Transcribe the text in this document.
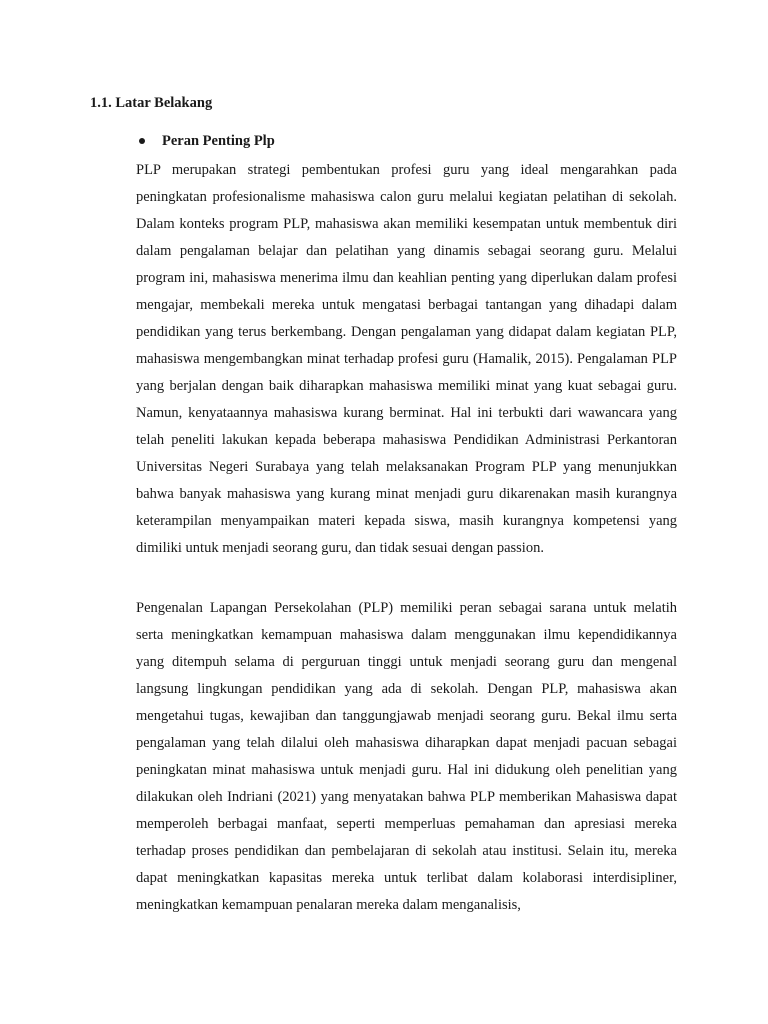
1.1. Latar Belakang
Peran Penting Plp

PLP merupakan strategi pembentukan profesi guru yang ideal mengarahkan pada peningkatan profesionalisme mahasiswa calon guru melalui kegiatan pelatihan di sekolah. Dalam konteks program PLP, mahasiswa akan memiliki kesempatan untuk membentuk diri dalam pengalaman belajar dan pelatihan yang dinamis sebagai seorang guru. Melalui program ini, mahasiswa menerima ilmu dan keahlian penting yang diperlukan dalam profesi mengajar, membekali mereka untuk mengatasi berbagai tantangan yang dihadapi dalam pendidikan yang terus berkembang. Dengan pengalaman yang didapat dalam kegiatan PLP, mahasiswa mengembangkan minat terhadap profesi guru (Hamalik, 2015). Pengalaman PLP yang berjalan dengan baik diharapkan mahasiswa memiliki minat yang kuat sebagai guru. Namun, kenyataannya mahasiswa kurang berminat. Hal ini terbukti dari wawancara yang telah peneliti lakukan kepada beberapa mahasiswa Pendidikan Administrasi Perkantoran Universitas Negeri Surabaya yang telah melaksanakan Program PLP yang menunjukkan bahwa banyak mahasiswa yang kurang minat menjadi guru dikarenakan masih kurangnya keterampilan menyampaikan materi kepada siswa, masih kurangnya kompetensi yang dimiliki untuk menjadi seorang guru, dan tidak sesuai dengan passion.

Pengenalan Lapangan Persekolahan (PLP) memiliki peran sebagai sarana untuk melatih serta meningkatkan kemampuan mahasiswa dalam menggunakan ilmu kependidikannya yang ditempuh selama di perguruan tinggi untuk menjadi seorang guru dan mengenal langsung lingkungan pendidikan yang ada di sekolah. Dengan PLP, mahasiswa akan mengetahui tugas, kewajiban dan tanggungjawab menjadi seorang guru. Bekal ilmu serta pengalaman yang telah dilalui oleh mahasiswa diharapkan dapat menjadi pacuan sebagai peningkatan minat mahasiswa untuk menjadi guru. Hal ini didukung oleh penelitian yang dilakukan oleh Indriani (2021) yang menyatakan bahwa PLP memberikan Mahasiswa dapat memperoleh berbagai manfaat, seperti memperluas pemahaman dan apresiasi mereka terhadap proses pendidikan dan pembelajaran di sekolah atau institusi. Selain itu, mereka dapat meningkatkan kapasitas mereka untuk terlibat dalam kolaborasi interdisipliner, meningkatkan kemampuan penalaran mereka dalam menganalisis,
